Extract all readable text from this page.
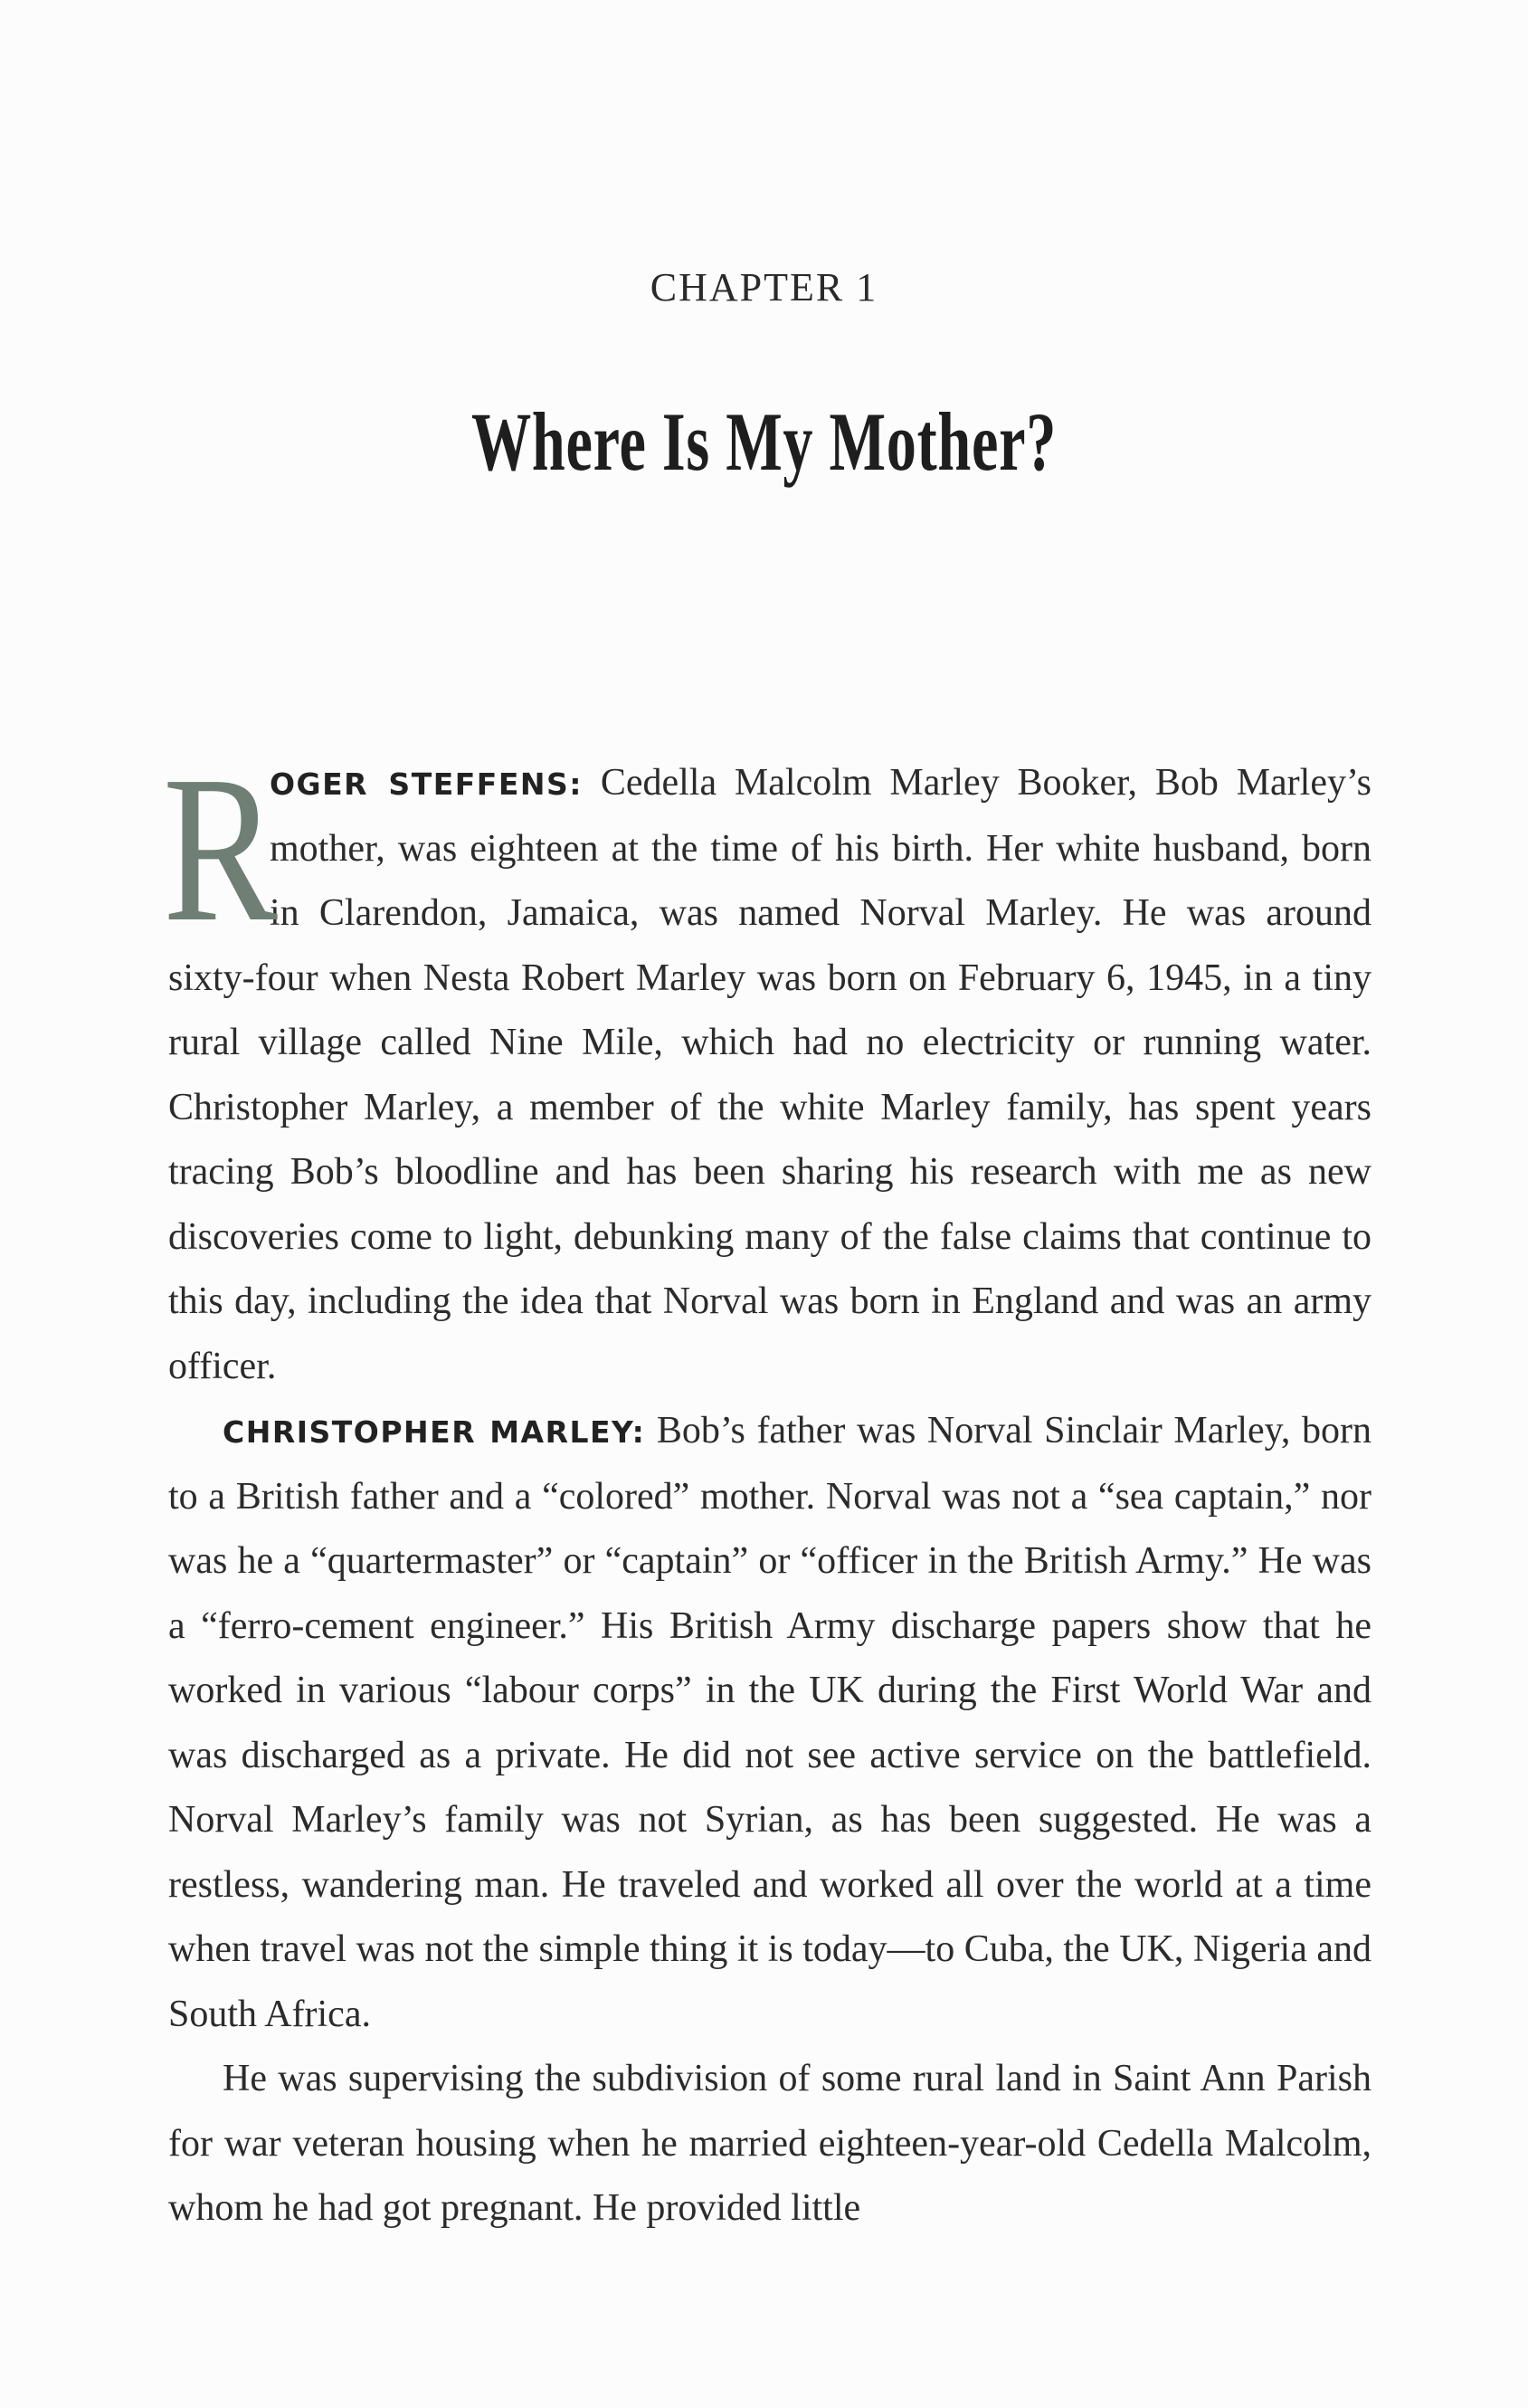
CHAPTER 1
Where Is My Mother?

R
OGER STEFFENS: Cedella Malcolm Marley Booker, Bob Marley’s mother, was eighteen at the time of his birth. Her white husband, born in Clarendon, Jamaica, was named Norval Marley. He was around sixty-four when Nesta Robert Marley was born on February 6, 1945, in a tiny rural village called Nine Mile, which had no electricity or running water. Christopher Marley, a member of the white Marley family, has spent years tracing Bob’s bloodline and has been sharing his research with me as new discoveries come to light, debunking many of the false claims that continue to this day, including the idea that Norval was born in England and was an army officer.

CHRISTOPHER MARLEY: Bob’s father was Norval Sinclair Marley, born to a British father and a “colored” mother. Norval was not a “sea captain,” nor was he a “quartermaster” or “captain” or “officer in the British Army.” He was a “ferro-cement engineer.” His British Army discharge papers show that he worked in various “labour corps” in the UK during the First World War and was discharged as a private. He did not see active service on the battlefield. Norval Marley’s family was not Syrian, as has been suggested. He was a restless, wandering man. He traveled and worked all over the world at a time when travel was not the simple thing it is today—to Cuba, the UK, Nigeria and South Africa.

He was supervising the subdivision of some rural land in Saint Ann Parish for war veteran housing when he married eighteen-year-old Cedella Malcolm, whom he had got pregnant. He provided little
